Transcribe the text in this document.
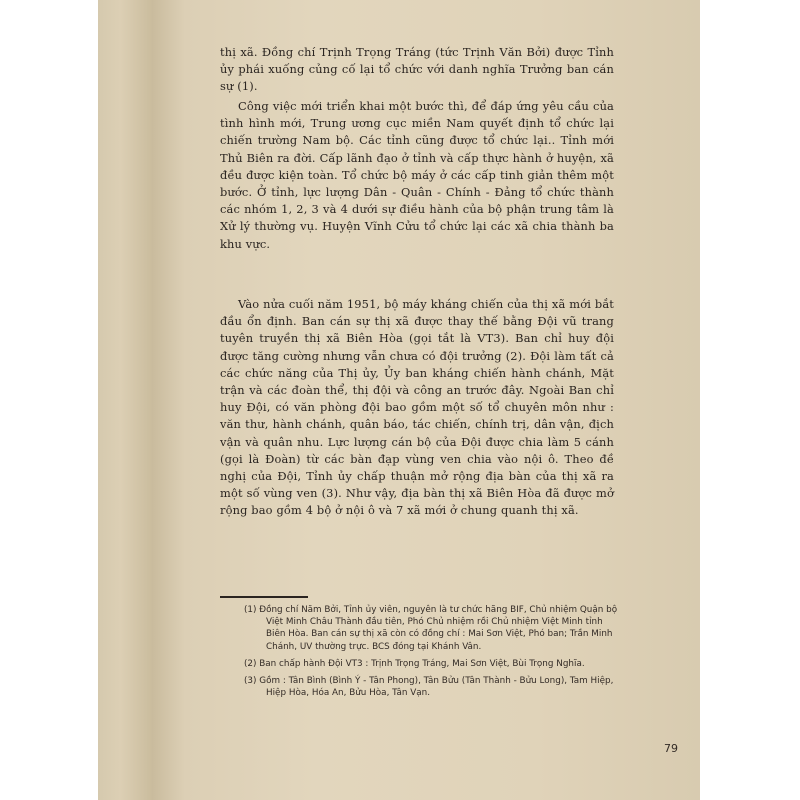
thị xã. Đồng chí Trịnh Trọng Tráng (tức Trịnh Văn Bởi) được Tỉnh ủy phái xuống củng cố lại tổ chức với danh nghĩa Trưởng ban cán sự (1).

Công việc mới triển khai một bước thì, để đáp ứng yêu cầu của tình hình mới, Trung ương cục miền Nam quyết định tổ chức lại chiến trường Nam bộ. Các tỉnh cũng được tổ chức lại.. Tỉnh mới Thủ Biên ra đời. Cấp lãnh đạo ở tỉnh và cấp thực hành ở huyện, xã đều được kiện toàn. Tổ chức bộ máy ở các cấp tinh giản thêm một bước. Ở tỉnh, lực lượng Dân - Quân - Chính - Đảng tổ chức thành các nhóm 1, 2, 3 và 4 dưới sự điều hành của bộ phận trung tâm là Xử lý thường vụ. Huyện Vĩnh Cửu tổ chức lại các xã chia thành ba khu vực.

Vào nửa cuối năm 1951, bộ máy kháng chiến của thị xã mới bắt đầu ổn định. Ban cán sự thị xã được thay thế bằng Đội vũ trang tuyên truyền thị xã Biên Hòa (gọi tắt là VT3). Ban chỉ huy đội được tăng cường nhưng vẫn chưa có đội trưởng (2). Đội làm tất cả các chức năng của Thị ủy, Ủy ban kháng chiến hành chánh, Mặt trận và các đoàn thể, thị đội và công an trước đây. Ngoài Ban chỉ huy Đội, có văn phòng đội bao gồm một số tổ chuyên môn như : văn thư, hành chánh, quân báo, tác chiến, chính trị, dân vận, địch vận và quân nhu. Lực lượng cán bộ của Đội được chia làm 5 cánh (gọi là Đoàn) từ các bàn đạp vùng ven chia vào nội ô. Theo đề nghị của Đội, Tỉnh ủy chấp thuận mở rộng địa bàn của thị xã ra một số vùng ven (3). Như vậy, địa bàn thị xã Biên Hòa đã được mở rộng bao gồm 4 bộ ở nội ô và 7 xã mới ở chung quanh thị xã.

(1) Đồng chí Năm Bởi, Tỉnh ủy viên, nguyên là tư chức hãng BIF, Chủ nhiệm Quận bộ Việt Minh Châu Thành đầu tiên, Phó Chủ nhiệm rồi Chủ nhiệm Việt Minh tỉnh Biên Hòa. Ban cán sự thị xã còn có đồng chí : Mai Sơn Việt, Phó ban; Trần Minh Chánh, UV thường trực. BCS đóng tại Khánh Vân.

(2) Ban chấp hành Đội VT3 : Trịnh Trọng Tráng, Mai Sơn Việt, Bùi Trọng Nghĩa.

(3) Gồm : Tân Bình (Bình Ý - Tân Phong), Tân Bửu (Tân Thành - Bửu Long), Tam Hiệp, Hiệp Hòa, Hóa An, Bửu Hòa, Tân Vạn.

79
